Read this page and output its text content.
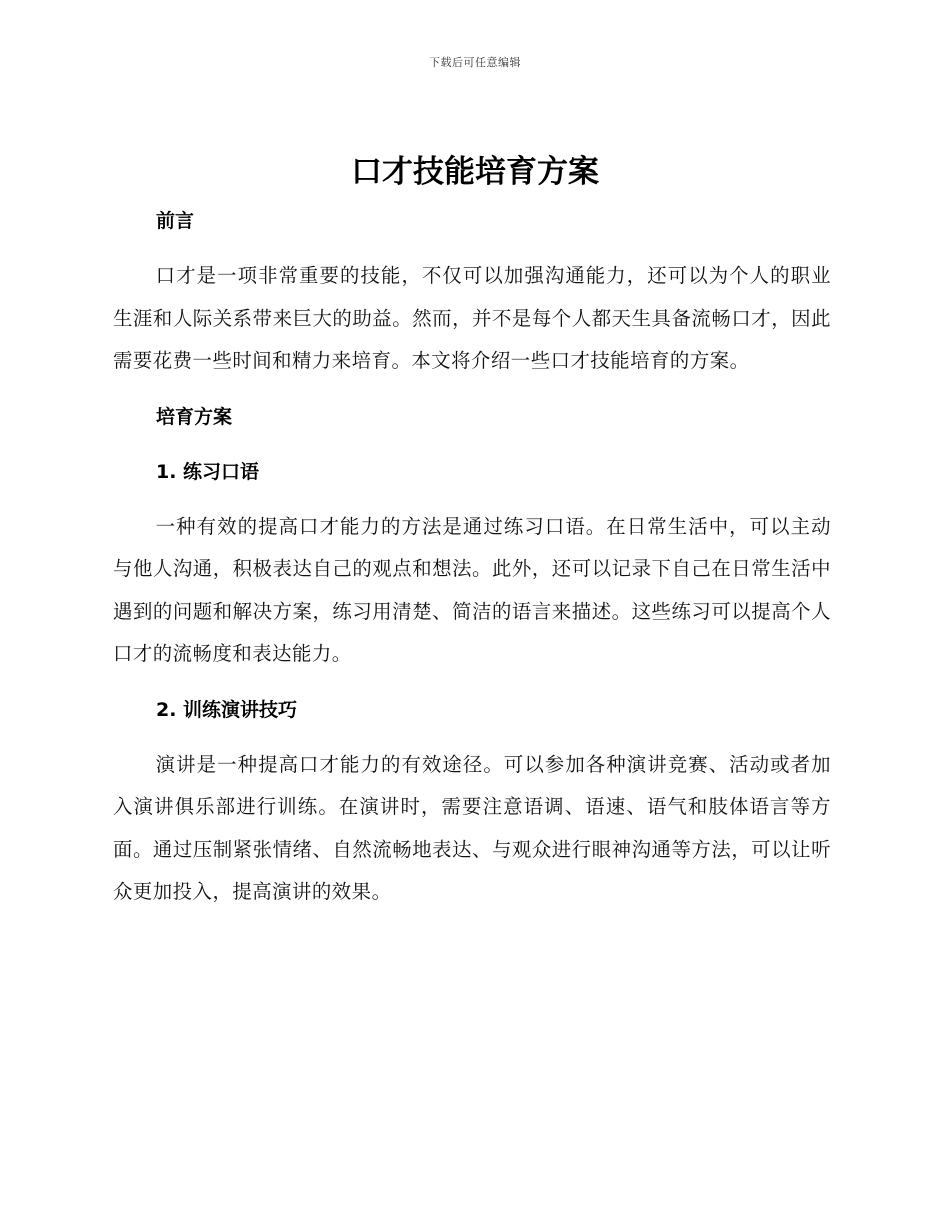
下载后可任意编辑
口才技能培育方案
前言

口才是一项非常重要的技能，不仅可以加强沟通能力，还可以为个人的职业生涯和人际关系带来巨大的助益。然而，并不是每个人都天生具备流畅口才，因此需要花费一些时间和精力来培育。本文将介绍一些口才技能培育的方案。

培育方案
1. 练习口语

一种有效的提高口才能力的方法是通过练习口语。在日常生活中，可以主动与他人沟通，积极表达自己的观点和想法。此外，还可以记录下自己在日常生活中遇到的问题和解决方案，练习用清楚、简洁的语言来描述。这些练习可以提高个人口才的流畅度和表达能力。

2. 训练演讲技巧

演讲是一种提高口才能力的有效途径。可以参加各种演讲竞赛、活动或者加入演讲俱乐部进行训练。在演讲时，需要注意语调、语速、语气和肢体语言等方面。通过压制紧张情绪、自然流畅地表达、与观众进行眼神沟通等方法，可以让听众更加投入，提高演讲的效果。
